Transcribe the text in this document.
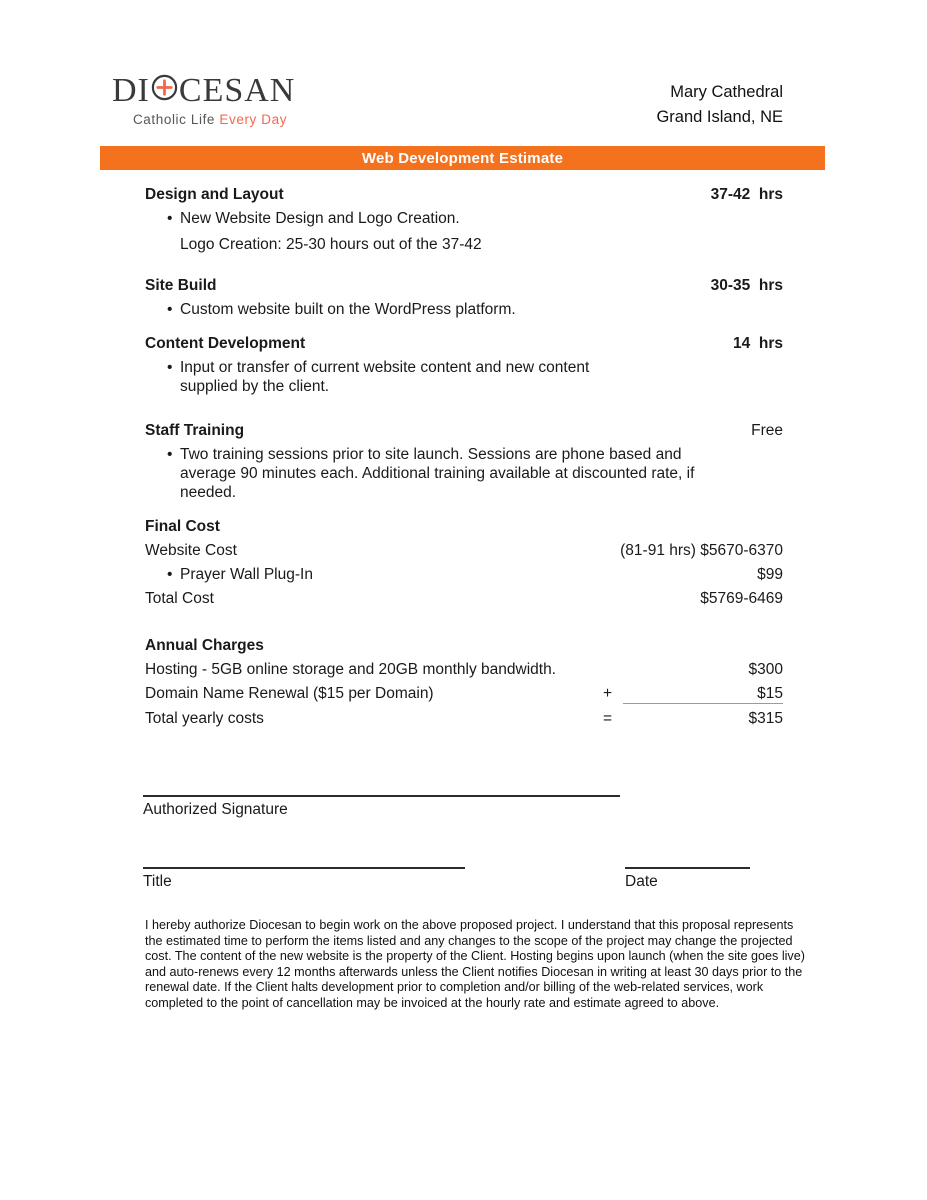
DI CESAN
Catholic Life Every Day
Mary Cathedral
Grand Island, NE
Web Development Estimate
Design and Layout	37-42  hrs
• New Website Design and Logo Creation.
Logo Creation: 25-30 hours out of the 37-42
Site Build	30-35  hrs
• Custom website built on the WordPress platform.
Content Development	14  hrs
• Input or transfer of current website content and new content
supplied by the client.
Staff Training	Free
• Two training sessions prior to site launch. Sessions are phone based and
average 90 minutes each. Additional training available at discounted rate, if
needed.
Final Cost
Website Cost	(81-91 hrs) $5670-6370
• Prayer Wall Plug-In	$99
Total Cost	$5769-6469
Annual Charges
Hosting - 5GB online storage and 20GB monthly bandwidth.	$300
Domain Name Renewal ($15 per Domain)	+	$15
Total yearly costs	=	$315
Authorized Signature
Title	Date
I hereby authorize Diocesan to begin work on the above proposed project. I understand that this proposal represents the estimated time to perform the items listed and any changes to the scope of the project may change the projected cost. The content of the new website is the property of the Client. Hosting begins upon launch (when the site goes live) and auto-renews every 12 months afterwards unless the Client notifies Diocesan in writing at least 30 days prior to the renewal date. If the Client halts development prior to completion and/or billing of the web-related services, work completed to the point of cancellation may be invoiced at the hourly rate and estimate agreed to above.
